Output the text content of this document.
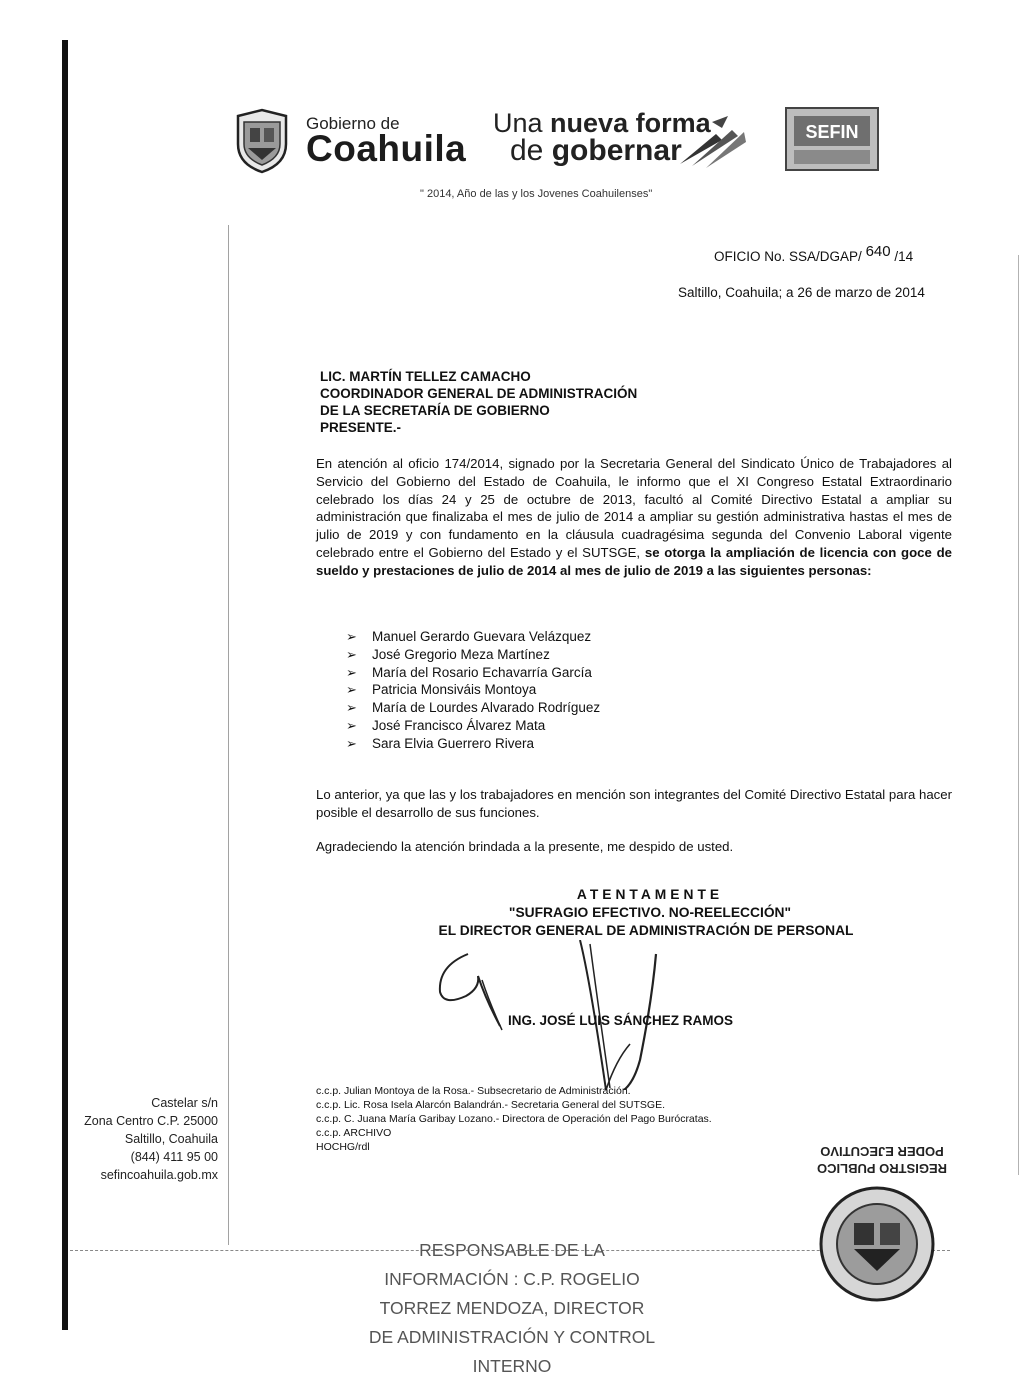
Gobierno de
Coahuila
Una nueva forma
de gobernar
SEFIN
" 2014, Año de las y los Jovenes Coahuilenses"
OFICIO No. SSA/DGAP/ 640 /14
Saltillo, Coahuila; a 26 de marzo de 2014
LIC. MARTÍN TELLEZ CAMACHO
COORDINADOR GENERAL DE ADMINISTRACIÓN
DE LA SECRETARÍA DE GOBIERNO
PRESENTE.-
En atención al oficio 174/2014, signado por la Secretaria General del Sindicato Único de Trabajadores al Servicio del Gobierno del Estado de Coahuila, le informo que el XI Congreso Estatal Extraordinario celebrado los días 24 y 25 de octubre de 2013, facultó al Comité Directivo Estatal a ampliar su administración que finalizaba el mes de julio de 2014 a ampliar su gestión administrativa hastas el mes de julio de 2019 y con fundamento en la cláusula cuadragésima segunda del Convenio Laboral vigente celebrado entre el Gobierno del Estado y el SUTSGE, se otorga la ampliación de licencia con goce de sueldo y prestaciones de julio de 2014 al mes de julio de 2019 a las siguientes personas:
➢ Manuel Gerardo Guevara Velázquez
➢ José Gregorio Meza Martínez
➢ María del Rosario Echavarría García
➢ Patricia Monsiváis Montoya
➢ María de Lourdes Alvarado Rodríguez
➢ José Francisco Álvarez Mata
➢ Sara Elvia Guerrero Rivera
Lo anterior, ya que las y los trabajadores en mención son integrantes del Comité Directivo Estatal para hacer posible el desarrollo de sus funciones.
Agradeciendo la atención brindada a la presente, me despido de usted.
ATENTAMENTE
"SUFRAGIO EFECTIVO. NO-REELECCIÓN"
EL DIRECTOR GENERAL DE ADMINISTRACIÓN DE PERSONAL
ING. JOSÉ LUIS SÁNCHEZ RAMOS
c.c.p. Julian Montoya de la Rosa.- Subsecretario de Administración.
c.c.p. Lic. Rosa Isela Alarcón Balandrán.- Secretaria General del SUTSGE.
c.c.p. C. Juana María Garibay Lozano.- Directora de Operación del Pago Burócratas.
c.c.p. ARCHIVO
HOCHG/rdl
Castelar s/n
Zona Centro C.P. 25000
Saltillo, Coahuila
(844) 411 95 00
sefincoahuila.gob.mx	REGISTRO PUBLICO
PODER EJECUTIVO
RESPONSABLE DE LA INFORMACIÓN : C.P. ROGELIO TORREZ MENDOZA, DIRECTOR DE ADMINISTRACIÓN Y CONTROL INTERNO
